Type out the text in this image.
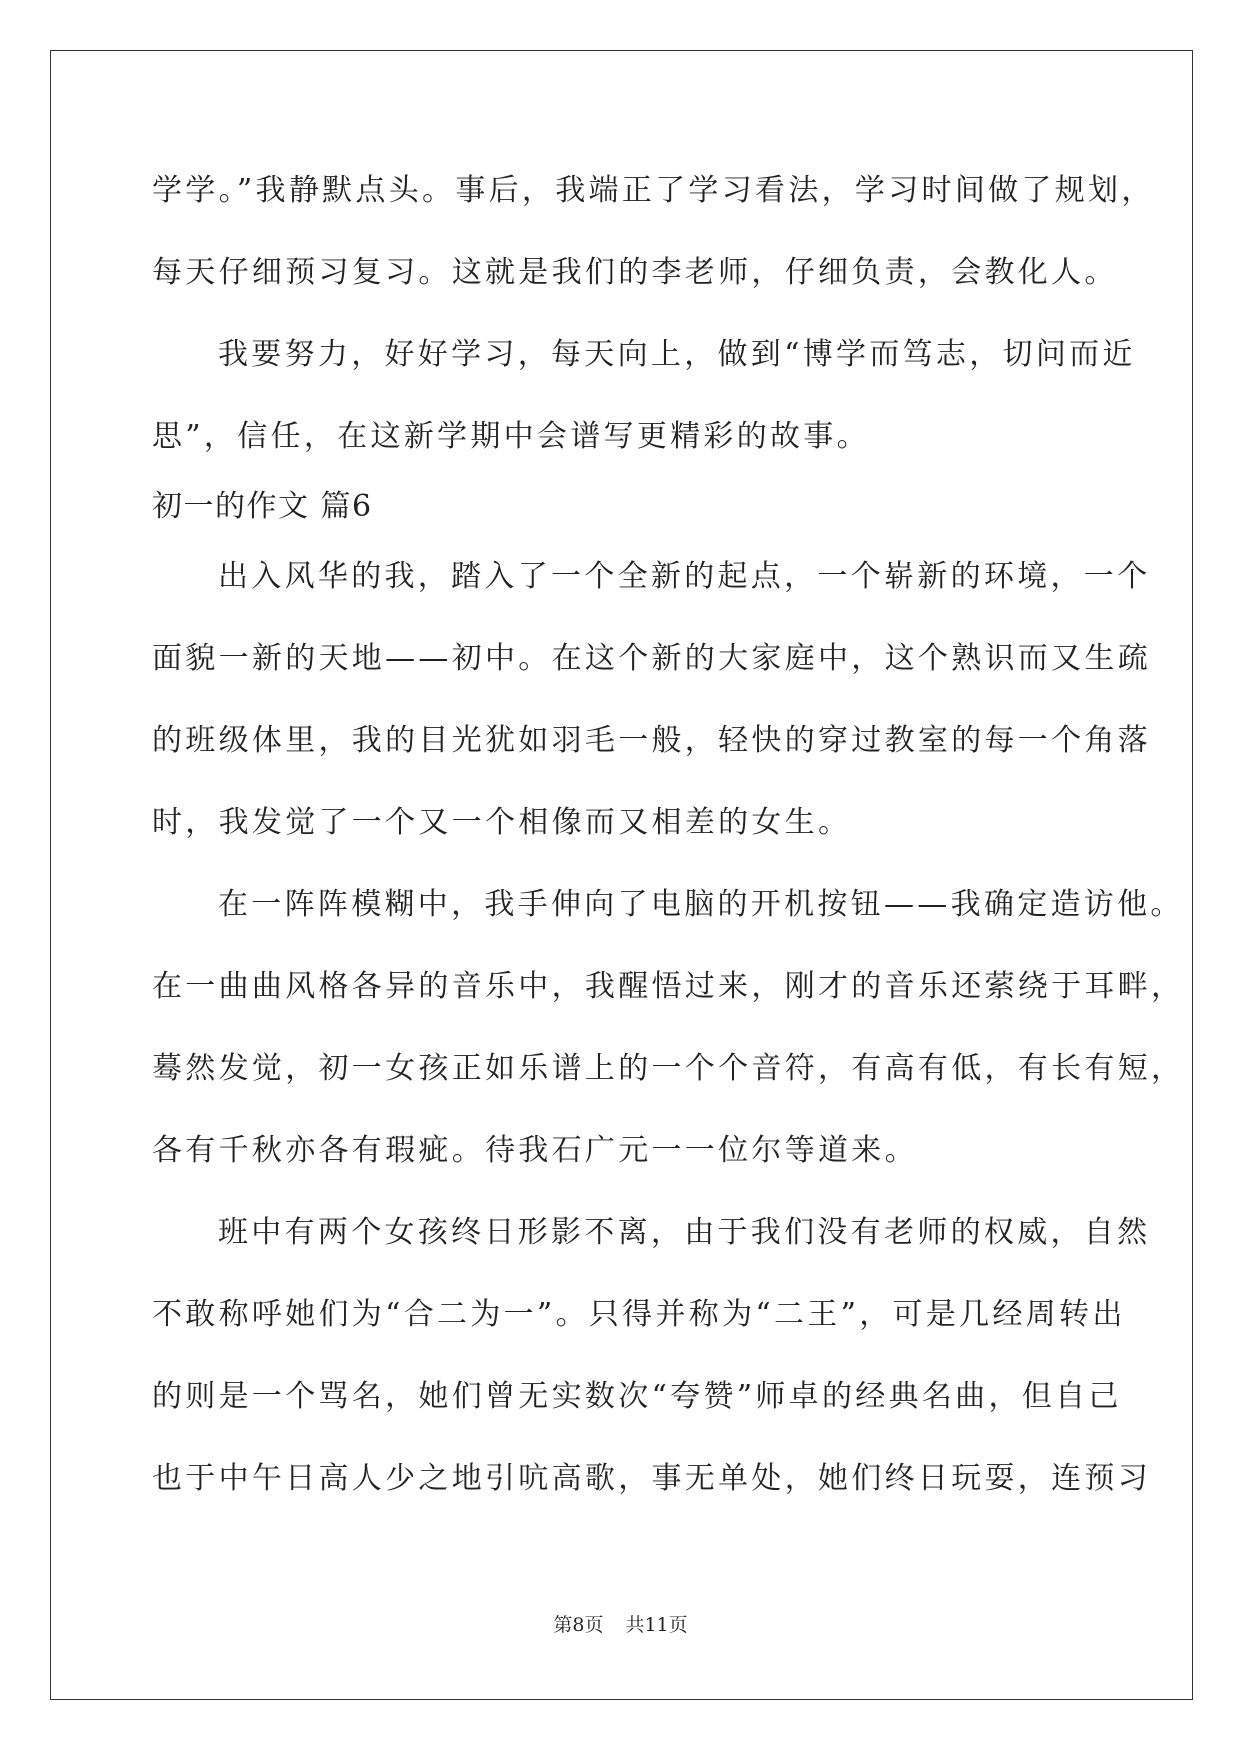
学学。”我静默点头。事后，我端正了学习看法，学习时间做了规划，
每天仔细预习复习。这就是我们的李老师，仔细负责，会教化人。
我要努力，好好学习，每天向上，做到“博学而笃志，切问而近
思”，信任，在这新学期中会谱写更精彩的故事。
初一的作文 篇6
出入风华的我，踏入了一个全新的起点，一个崭新的环境，一个
面貌一新的天地——初中。在这个新的大家庭中，这个熟识而又生疏
的班级体里，我的目光犹如羽毛一般，轻快的穿过教室的每一个角落
时，我发觉了一个又一个相像而又相差的女生。
在一阵阵模糊中，我手伸向了电脑的开机按钮——我确定造访他。
在一曲曲风格各异的音乐中，我醒悟过来，刚才的音乐还萦绕于耳畔，
蓦然发觉，初一女孩正如乐谱上的一个个音符，有高有低，有长有短，
各有千秋亦各有瑕疵。待我石广元一一位尔等道来。
班中有两个女孩终日形影不离，由于我们没有老师的权威，自然
不敢称呼她们为“合二为一”。只得并称为“二王”，可是几经周转出
的则是一个骂名，她们曾无实数次“夸赞”师卓的经典名曲，但自己
也于中午日高人少之地引吭高歌，事无单处，她们终日玩耍，连预习
第8页 共11页
